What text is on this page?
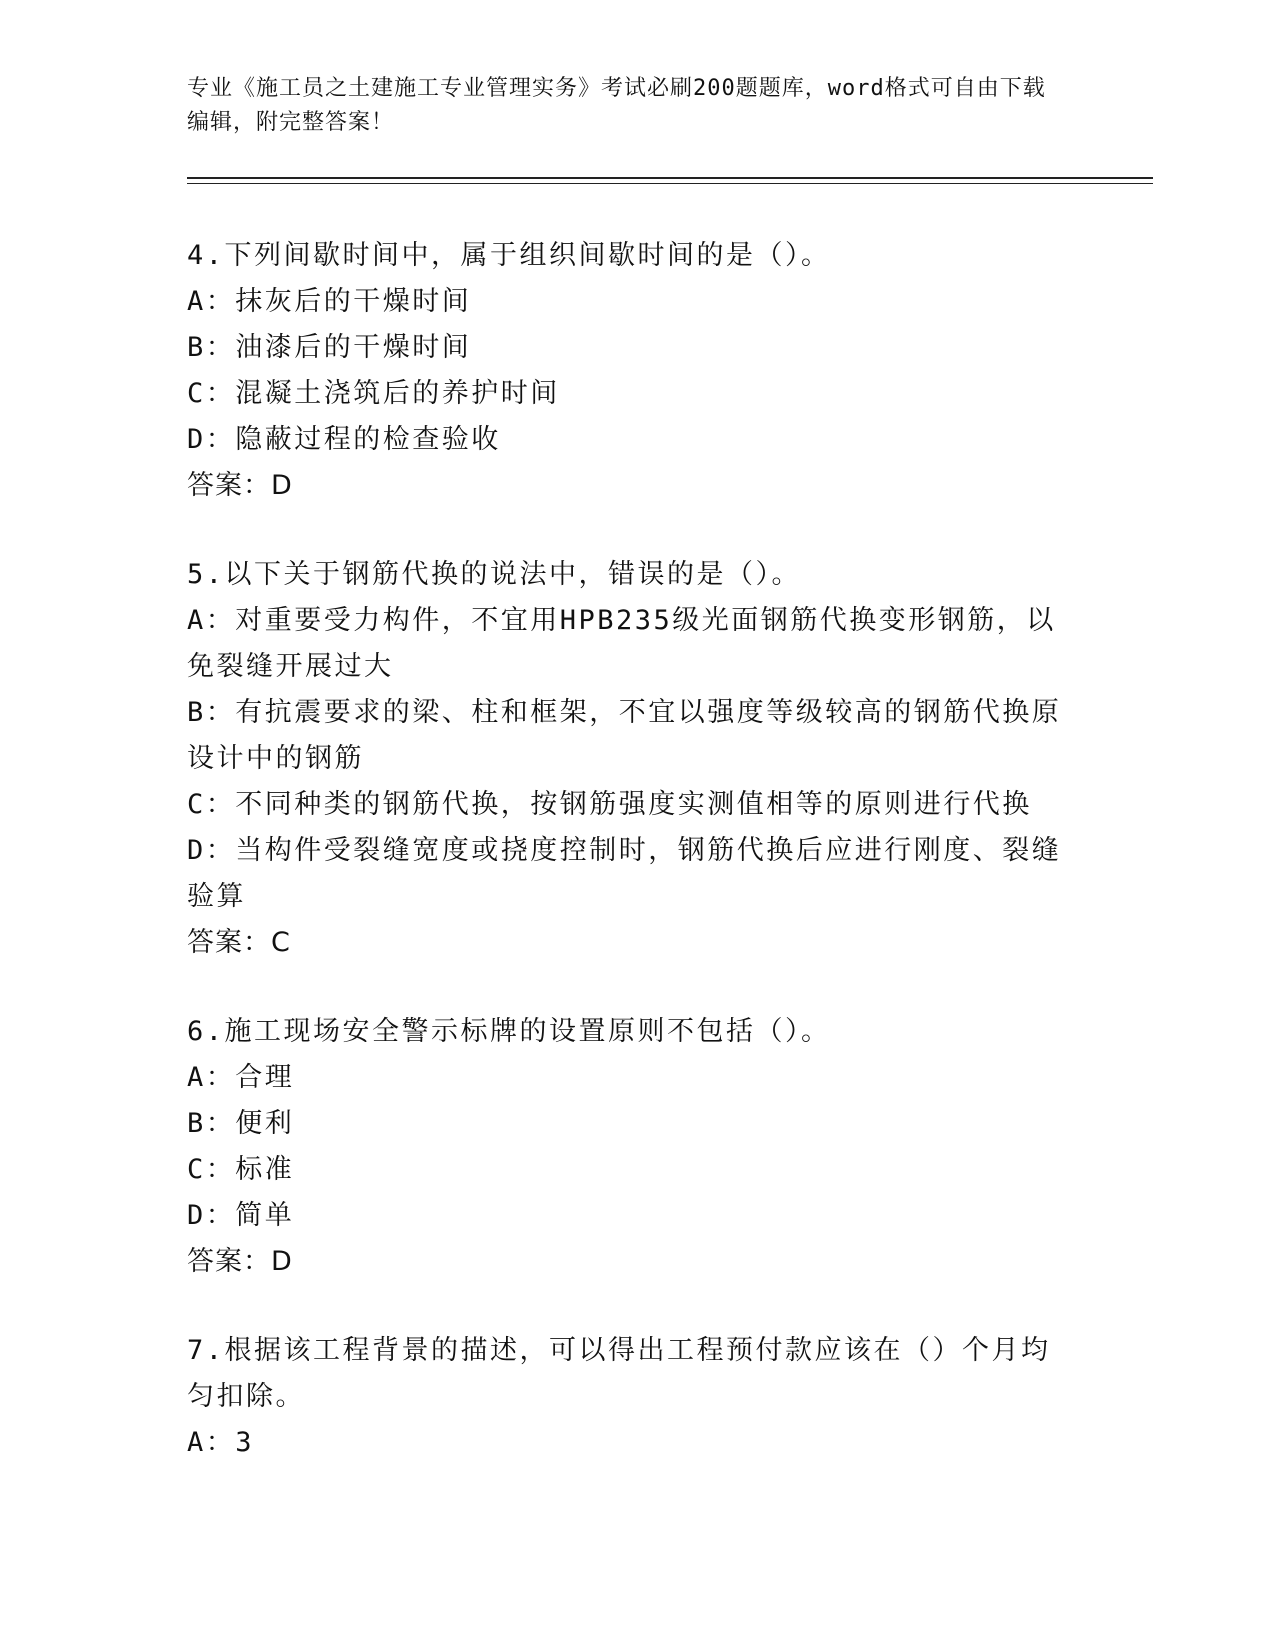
专业《施工员之土建施工专业管理实务》考试必刷200题题库，word格式可自由下载编辑，附完整答案！

4.下列间歇时间中，属于组织间歇时间的是（）。

A：抹灰后的干燥时间

B：油漆后的干燥时间

C：混凝土浇筑后的养护时间

D：隐蔽过程的检查验收

答案：D

5.以下关于钢筋代换的说法中，错误的是（）。

A：对重要受力构件，不宜用HPB235级光面钢筋代换变形钢筋，以免裂缝开展过大

B：有抗震要求的梁、柱和框架，不宜以强度等级较高的钢筋代换原设计中的钢筋

C：不同种类的钢筋代换，按钢筋强度实测值相等的原则进行代换

D：当构件受裂缝宽度或挠度控制时，钢筋代换后应进行刚度、裂缝验算

答案：C

6.施工现场安全警示标牌的设置原则不包括（）。

A：合理

B：便利

C：标准

D：简单

答案：D

7.根据该工程背景的描述，可以得出工程预付款应该在（）个月均匀扣除。

A：3
